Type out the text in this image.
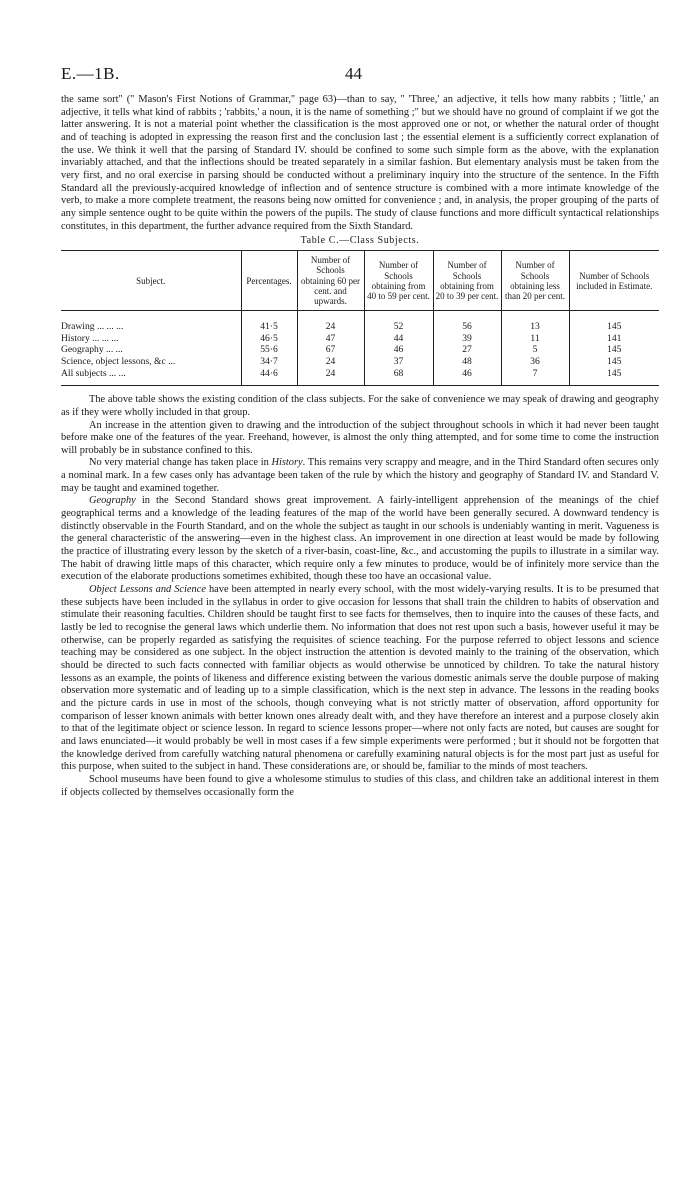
E.—1B.	44

the same sort" (" Mason's First Notions of Grammar," page 63)—than to say, " 'Three,' an adjective, it tells how many rabbits ; 'little,' an adjective, it tells what kind of rabbits ; 'rabbits,' a noun, it is the name of something ;" but we should have no ground of complaint if we got the latter answering. It is not a material point whether the classification is the most approved one or not, or whether the natural order of thought and of teaching is adopted in expressing the reason first and the conclusion last ; the essential element is a sufficiently correct explanation of the use. We think it well that the parsing of Standard IV. should be confined to some such simple form as the above, with the explanation invariably attached, and that the inflections should be treated separately in a similar fashion. But elementary analysis must be taken from the very first, and no oral exercise in parsing should be conducted without a preliminary inquiry into the structure of the sentence. In the Fifth Standard all the previously-acquired knowledge of inflection and of sentence structure is combined with a more intimate knowledge of the verb, to make a more complete treatment, the reasons being now omitted for convenience ; and, in analysis, the proper grouping of the parts of any simple sentence ought to be quite within the powers of the pupils. The study of clause functions and more difficult syntactical relationships constitutes, in this department, the further advance required from the Sixth Standard.

Table C.—Class Subjects.
Subject.	Percentages.	Number of Schools obtaining 60 per cent. and upwards.	Number of Schools obtaining from 40 to 59 per cent.	Number of Schools obtaining from 20 to 39 per cent.	Number of Schools obtaining less than 20 per cent.	Number of Schools included in Estimate.
Drawing ... ... ...	41·5	24	52	56	13	145
History ... ... ...	46·5	47	44	39	11	141
Geography ... ...	55·6	67	46	27	5	145
Science, object lessons, &c ...	34·7	24	37	48	36	145
All subjects ... ...	44·6	24	68	46	7	145

The above table shows the existing condition of the class subjects. For the sake of convenience we may speak of drawing and geography as if they were wholly included in that group.

An increase in the attention given to drawing and the introduction of the subject throughout schools in which it had never been taught before make one of the features of the year. Freehand, however, is almost the only thing attempted, and for some time to come the instruction will probably be in substance confined to this.

No very material change has taken place in History. This remains very scrappy and meagre, and in the Third Standard often secures only a nominal mark. In a few cases only has advantage been taken of the rule by which the history and geography of Standard IV. and Standard V. may be taught and examined together.

Geography in the Second Standard shows great improvement. A fairly-intelligent apprehension of the meanings of the chief geographical terms and a knowledge of the leading features of the map of the world have been generally secured. A downward tendency is distinctly observable in the Fourth Standard, and on the whole the subject as taught in our schools is undeniably wanting in merit. Vagueness is the general characteristic of the answering—even in the highest class. An improvement in one direction at least would be made by following the practice of illustrating every lesson by the sketch of a river-basin, coast-line, &c., and accustoming the pupils to illustrate in a similar way. The habit of drawing little maps of this character, which require only a few minutes to produce, would be of infinitely more service than the execution of the elaborate productions sometimes exhibited, though these too have an occasional value.

Object Lessons and Science have been attempted in nearly every school, with the most widely-varying results. It is to be presumed that these subjects have been included in the syllabus in order to give occasion for lessons that shall train the children to habits of observation and stimulate their reasoning faculties. Children should be taught first to see facts for themselves, then to inquire into the causes of these facts, and lastly be led to recognise the general laws which underlie them. No information that does not rest upon such a basis, however useful it may be otherwise, can be properly regarded as satisfying the requisites of science teaching. For the purpose referred to object lessons and science teaching may be considered as one subject. In the object instruction the attention is devoted mainly to the training of the observation, which should be directed to such facts connected with familiar objects as would otherwise be unnoticed by children. To take the natural history lessons as an example, the points of likeness and difference existing between the various domestic animals serve the double purpose of making observation more systematic and of leading up to a simple classification, which is the next step in advance. The lessons in the reading books and the picture cards in use in most of the schools, though conveying what is not strictly matter of observation, afford opportunity for comparison of lesser known animals with better known ones already dealt with, and they have therefore an interest and a purpose closely akin to that of the legitimate object or science lesson. In regard to science lessons proper—where not only facts are noted, but causes are sought for and laws enunciated—it would probably be well in most cases if a few simple experiments were performed ; but it should not be forgotten that the knowledge derived from carefully watching natural phenomena or carefully examining natural objects is for the most part just as useful for this purpose, when suited to the subject in hand. These considerations are, or should be, familiar to the minds of most teachers.

School museums have been found to give a wholesome stimulus to studies of this class, and children take an additional interest in them if objects collected by themselves occasionally form the
